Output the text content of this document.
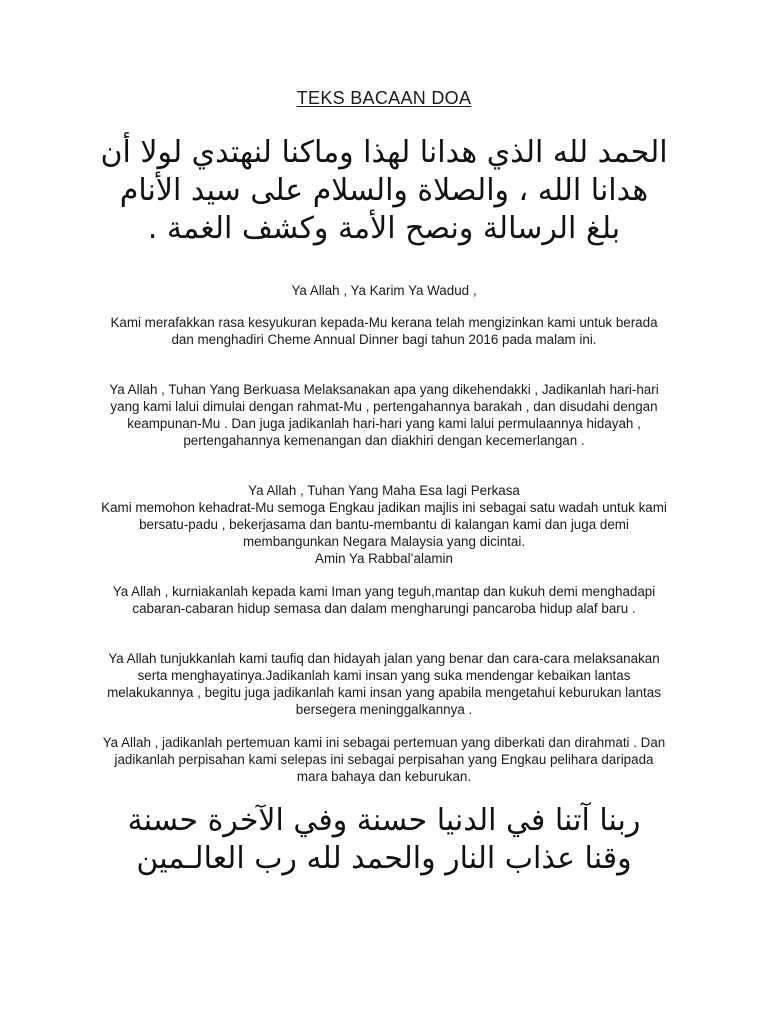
TEKS BACAAN DOA
الحمد لله الذي هدانا لهذا وماكنا لنهتدي لولا أن هدانا الله ، والصلاة والسلام على سيد الأنام بلغ الرسالة ونصح الأمة وكشف الغمة .

Ya Allah , Ya Karim Ya Wadud ,

Kami merafakkan rasa kesyukuran kepada-Mu kerana telah mengizinkan kami untuk berada dan menghadiri Cheme Annual Dinner bagi tahun 2016 pada malam ini.

Ya Allah , Tuhan Yang Berkuasa Melaksanakan apa yang dikehendakki , Jadikanlah hari-hari yang kami lalui dimulai dengan rahmat-Mu , pertengahannya barakah , dan disudahi dengan keampunan-Mu . Dan juga jadikanlah hari-hari yang kami lalui permulaannya hidayah , pertengahannya kemenangan dan diakhiri dengan kecemerlangan .

Ya Allah , Tuhan Yang Maha Esa lagi Perkasa

Kami memohon kehadrat-Mu semoga Engkau jadikan majlis ini sebagai satu wadah untuk kami bersatu-padu , bekerjasama dan bantu-membantu di kalangan kami dan juga demi membangunkan Negara Malaysia yang dicintai.

Amin Ya Rabbal’alamin

Ya Allah , kurniakanlah kepada kami Iman yang teguh,mantap dan kukuh demi menghadapi cabaran-cabaran hidup semasa dan dalam mengharungi pancaroba hidup alaf baru .

Ya Allah tunjukkanlah kami taufiq dan hidayah jalan yang benar dan cara-cara melaksanakan serta menghayatinya.Jadikanlah kami insan yang suka mendengar kebaikan lantas melakukannya , begitu juga jadikanlah kami insan yang apabila mengetahui keburukan lantas bersegera meninggalkannya .

Ya Allah , jadikanlah pertemuan kami ini sebagai pertemuan yang diberkati dan dirahmati . Dan jadikanlah perpisahan kami selepas ini sebagai perpisahan yang Engkau pelihara daripada mara bahaya dan keburukan.

ربنا آتنا في الدنيا حسنة وفي الآخرة حسنة وقنا عذاب النار والحمد لله رب العالـمين
